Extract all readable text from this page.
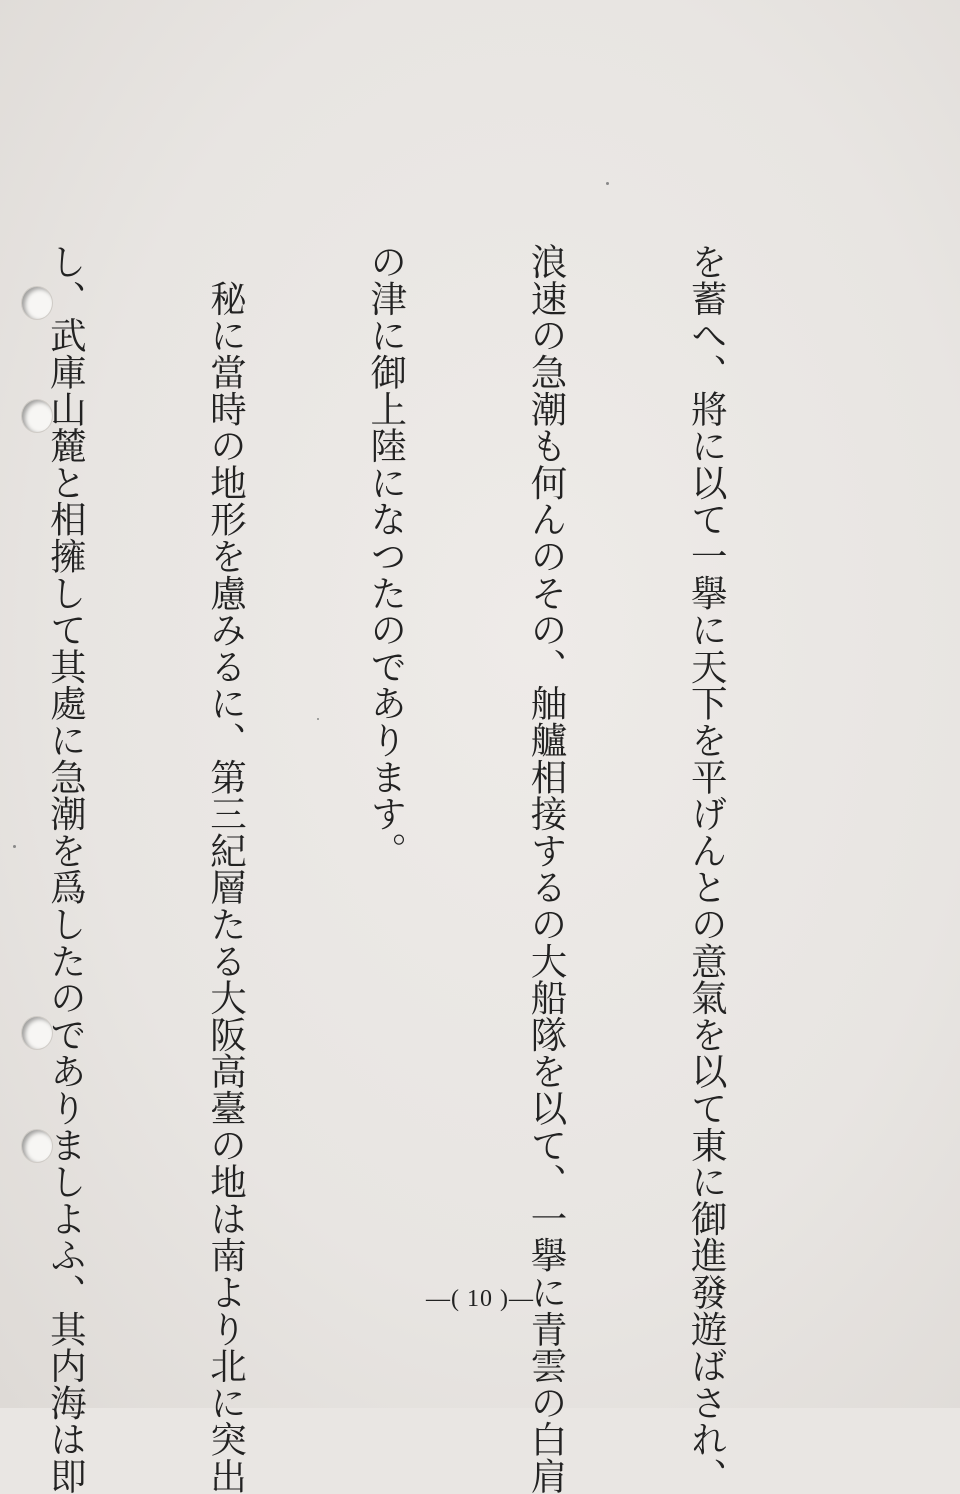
を蓄へ、將に以て一擧に天下を平げんとの意氣を以て東に御進發遊ばされ、

浪速の急潮も何んのその、舳艫相接するの大船隊を以て、一擧に青雲の白肩

の津に御上陸になつたのであります。

　秘に當時の地形を慮みるに、第三紀層たる大阪高臺の地は南より北に突出

し、武庫山麓と相擁して其處に急潮を爲したのでありましよふ、其内海は即

	—( 10 )—
